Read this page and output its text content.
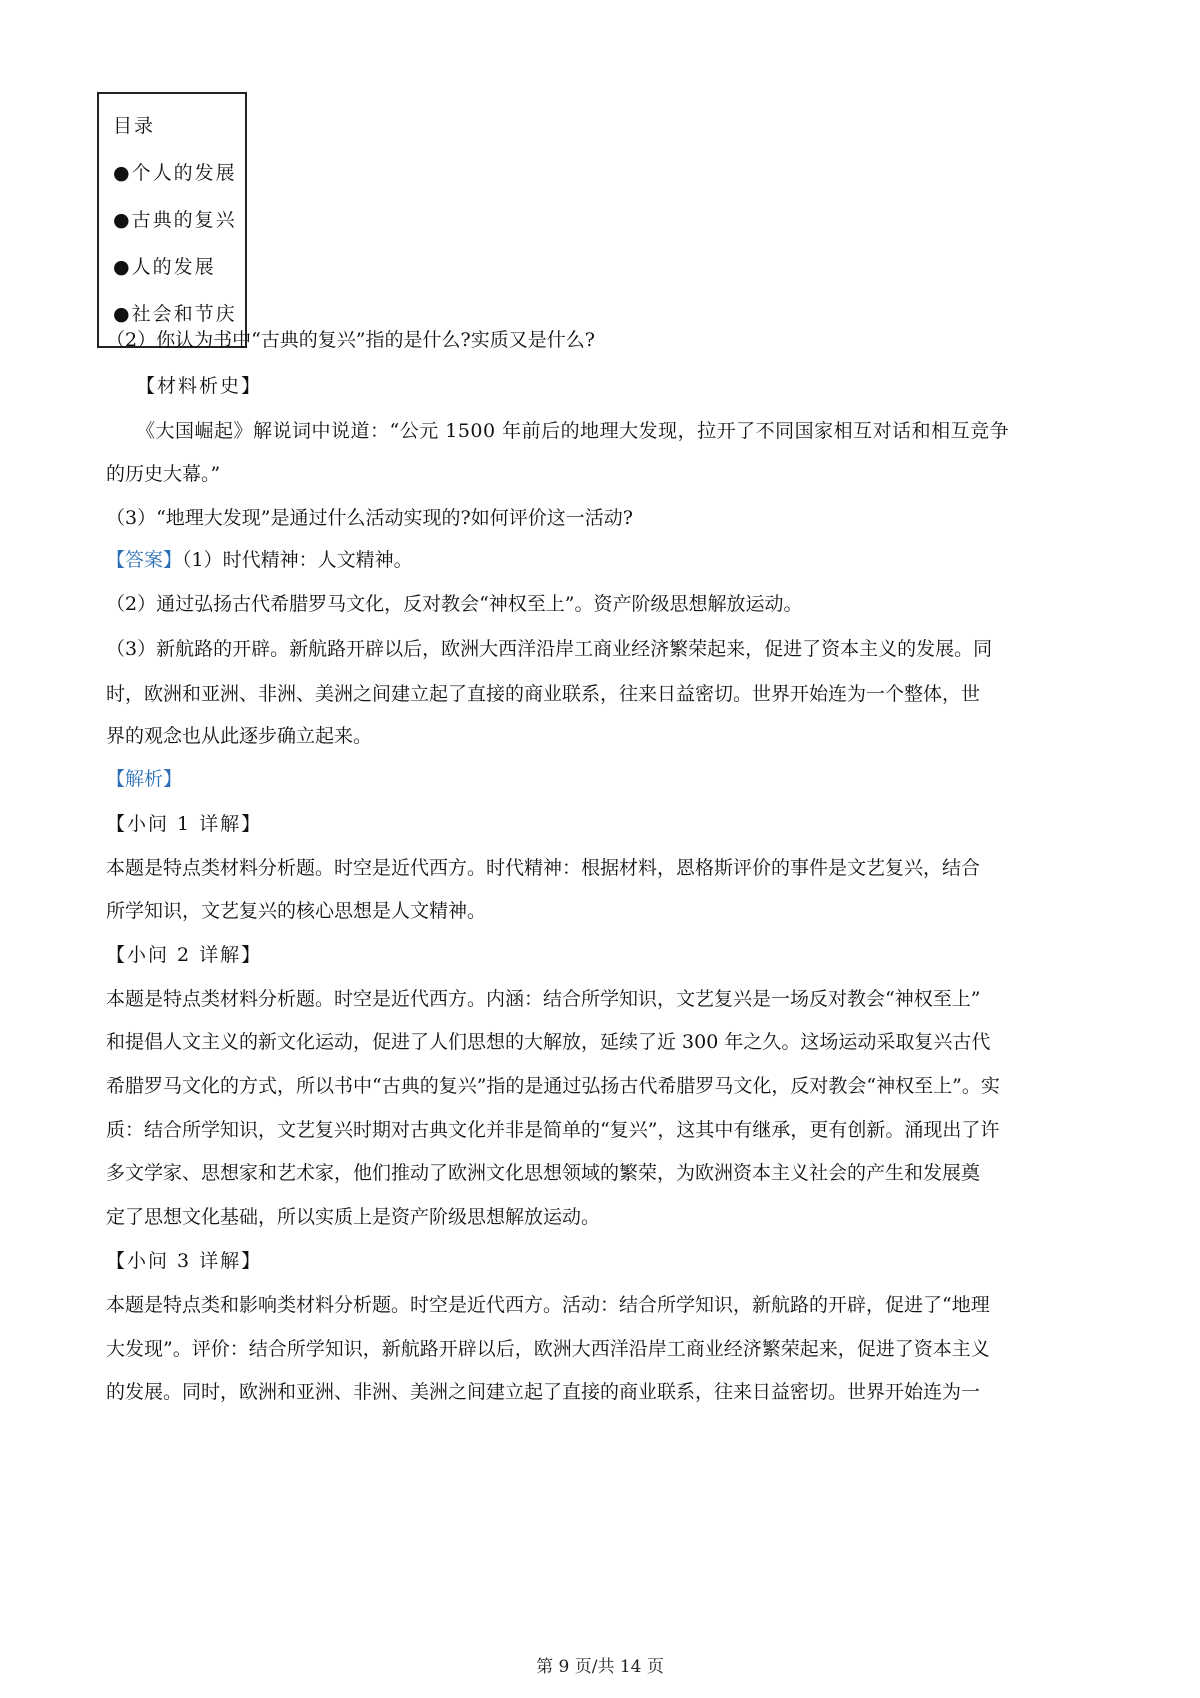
目录
●个人的发展
●古典的复兴
●人的发展
●社会和节庆
（2）你认为书中“古典的复兴”指的是什么?实质又是什么?
【材料析史】
《大国崛起》解说词中说道：“公元 1500 年前后的地理大发现，拉开了不同国家相互对话和相互竞争
的历史大幕。”
（3）“地理大发现”是通过什么活动实现的?如何评价这一活动?
【答案】（1）时代精神：人文精神。
（2）通过弘扬古代希腊罗马文化，反对教会“神权至上”。资产阶级思想解放运动。
（3）新航路的开辟。新航路开辟以后，欧洲大西洋沿岸工商业经济繁荣起来，促进了资本主义的发展。同
时，欧洲和亚洲、非洲、美洲之间建立起了直接的商业联系，往来日益密切。世界开始连为一个整体，世
界的观念也从此逐步确立起来。
【解析】
【小问 1 详解】
本题是特点类材料分析题。时空是近代西方。时代精神：根据材料，恩格斯评价的事件是文艺复兴，结合
所学知识，文艺复兴的核心思想是人文精神。
【小问 2 详解】
本题是特点类材料分析题。时空是近代西方。内涵：结合所学知识，文艺复兴是一场反对教会“神权至上”
和提倡人文主义的新文化运动，促进了人们思想的大解放，延续了近 300 年之久。这场运动采取复兴古代
希腊罗马文化的方式，所以书中“古典的复兴”指的是通过弘扬古代希腊罗马文化，反对教会“神权至上”。实
质：结合所学知识，文艺复兴时期对古典文化并非是简单的“复兴”，这其中有继承，更有创新。涌现出了许
多文学家、思想家和艺术家，他们推动了欧洲文化思想领域的繁荣，为欧洲资本主义社会的产生和发展奠
定了思想文化基础，所以实质上是资产阶级思想解放运动。
【小问 3 详解】
本题是特点类和影响类材料分析题。时空是近代西方。活动：结合所学知识，新航路的开辟，促进了“地理
大发现”。评价：结合所学知识，新航路开辟以后，欧洲大西洋沿岸工商业经济繁荣起来，促进了资本主义
的发展。同时，欧洲和亚洲、非洲、美洲之间建立起了直接的商业联系，往来日益密切。世界开始连为一
第 9 页/共 14 页
